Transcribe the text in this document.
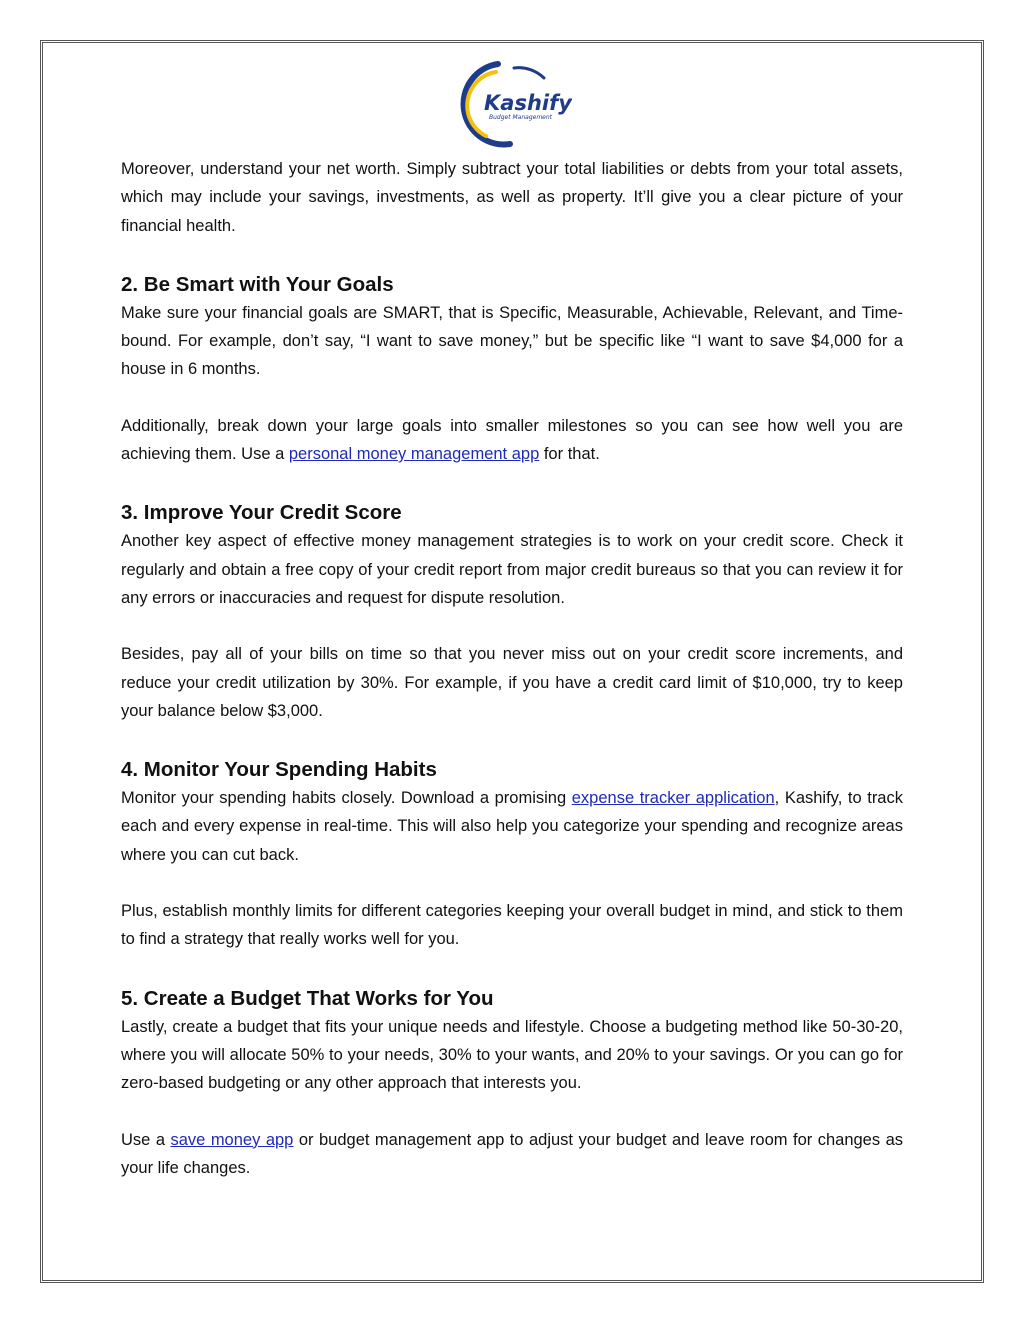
Kashify
Budget Management

Moreover, understand your net worth. Simply subtract your total liabilities or debts from your total assets, which may include your savings, investments, as well as property. It’ll give you a clear picture of your financial health.

2. Be Smart with Your Goals

Make sure your financial goals are SMART, that is Specific, Measurable, Achievable, Relevant, and Time-bound. For example, don’t say, “I want to save money,” but be specific like “I want to save $4,000 for a house in 6 months.

Additionally, break down your large goals into smaller milestones so you can see how well you are achieving them. Use a personal money management app for that.

3. Improve Your Credit Score

Another key aspect of effective money management strategies is to work on your credit score. Check it regularly and obtain a free copy of your credit report from major credit bureaus so that you can review it for any errors or inaccuracies and request for dispute resolution.

Besides, pay all of your bills on time so that you never miss out on your credit score increments, and reduce your credit utilization by 30%. For example, if you have a credit card limit of $10,000, try to keep your balance below $3,000.

4. Monitor Your Spending Habits

Monitor your spending habits closely. Download a promising expense tracker application, Kashify, to track each and every expense in real-time. This will also help you categorize your spending and recognize areas where you can cut back.

Plus, establish monthly limits for different categories keeping your overall budget in mind, and stick to them to find a strategy that really works well for you.

5. Create a Budget That Works for You

Lastly, create a budget that fits your unique needs and lifestyle. Choose a budgeting method like 50-30-20, where you will allocate 50% to your needs, 30% to your wants, and 20% to your savings. Or you can go for zero-based budgeting or any other approach that interests you.

Use a save money app or budget management app to adjust your budget and leave room for changes as your life changes.
